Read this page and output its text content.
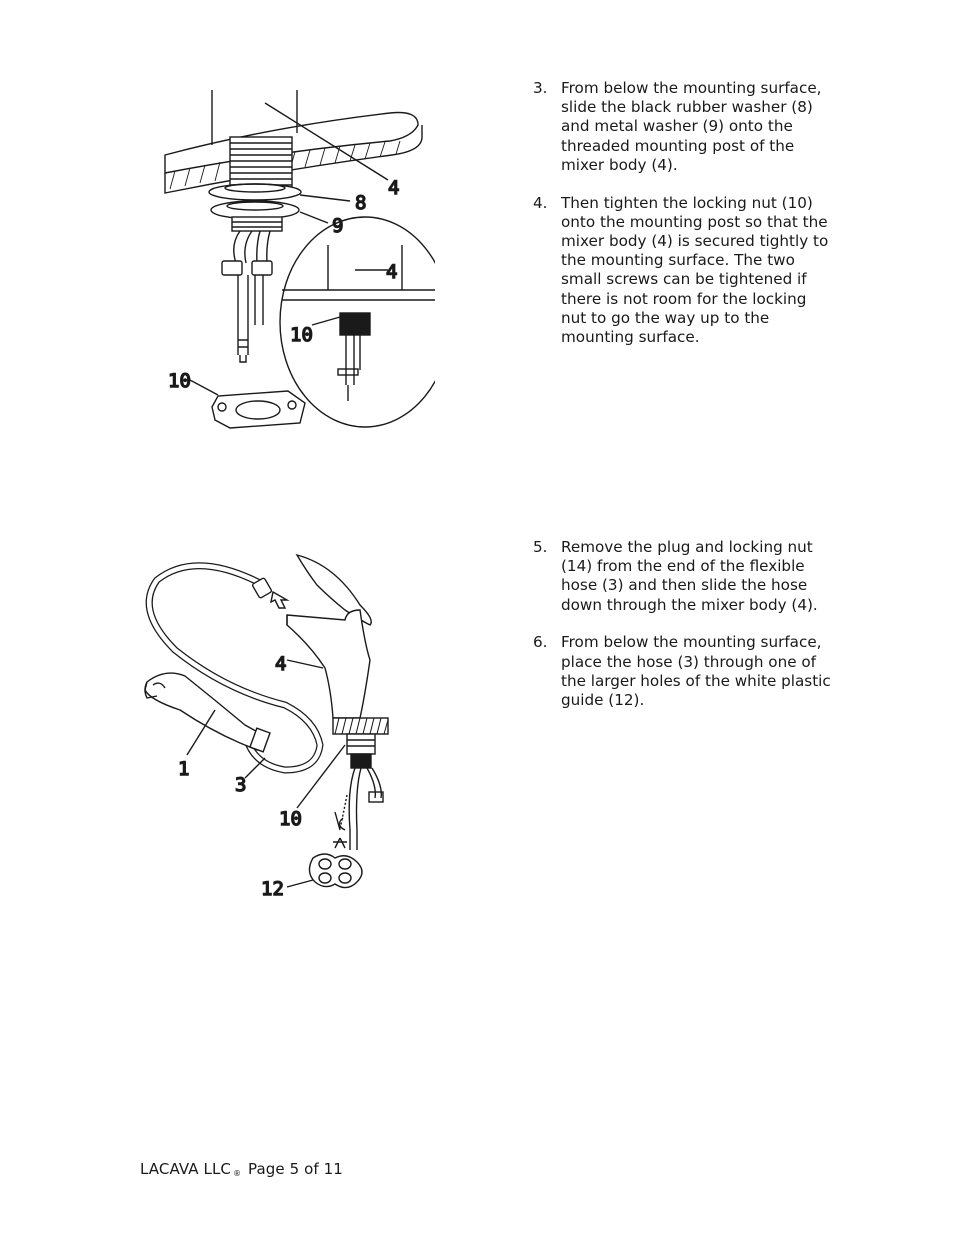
4
8
9
4
10
10
3. From below the mounting surface, slide the black rubber washer (8) and metal washer (9) onto the threaded mounting post of the mixer body (4).
4. Then tighten the locking nut (10) onto the mounting post so that the mixer body (4) is secured tightly to the mounting surface. The two small screws can be tightened if there is not room for the locking nut to go the way up to the mounting surface.
4
1
3
10
12
5. Remove the plug and locking nut (14) from the end of the flexible hose (3) and then slide the hose down through the mixer body (4).
6. From below the mounting surface, place the hose (3) through one of the larger holes of the white plastic guide (12).
LACAVA LLC ® Page 5 of 11
